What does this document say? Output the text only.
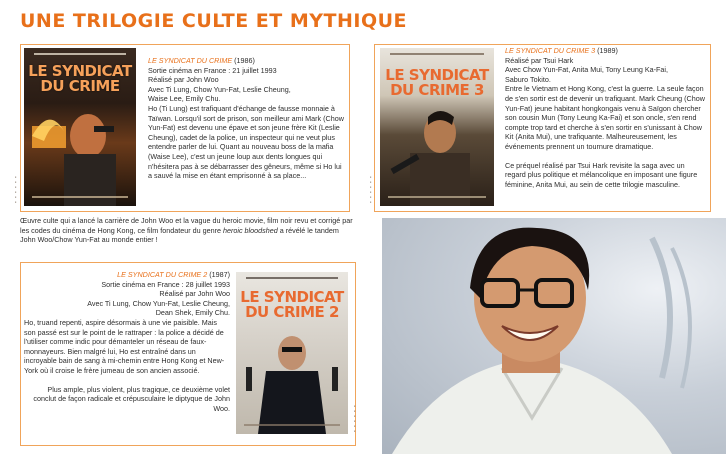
UNE TRILOGIE CULTE ET MYTHIQUE
LE SYNDICAT
DU CRIME
▪▪▪▪▪▪

LE SYNDICAT DU CRIME (1986)

Sortie cinéma en France : 21 juillet 1993

Réalisé par John Woo

Avec Ti Lung, Chow Yun-Fat, Leslie Cheung,

Waise Lee, Emily Chu.

Ho (Ti Lung) est trafiquant d'échange de fausse monnaie à Taïwan. Lorsqu'il sort de prison, son meilleur ami Mark (Chow Yun-Fat) est devenu une épave et son jeune frère Kit (Leslie Cheung), cadet de la police, un inspecteur qui ne veut plus entendre parler de lui. Quant au nouveau boss de la mafia (Waise Lee), c'est un jeune loup aux dents longues qui n'hésitera pas à se débarrasser des gêneurs, même si Ho lui a sauvé la mise en étant emprisonné à sa place...

Œuvre culte qui a lancé la carrière de John Woo et la vague du heroic movie, film noir revu et corrigé par les codes du cinéma de Hong Kong, ce film fondateur du genre heroic bloodshed a révélé le tandem John Woo/Chow Yun-Fat au monde entier !
LE SYNDICAT
DU CRIME 3
▪▪▪▪▪▪

LE SYNDICAT DU CRIME 3 (1989)

Réalisé par Tsui Hark

Avec Chow Yun-Fat, Anita Mui, Tony Leung Ka-Fai,

Saburo Tokito.

Entre le Vietnam et Hong Kong, c'est la guerre. La seule façon de s'en sortir est de devenir un trafiquant. Mark Cheung (Chow Yun-Fat) jeune habitant hongkongais venu à Saïgon chercher son cousin Mun (Tony Leung Ka-Fai) et son oncle, s'en rend compte trop tard et cherche à s'en sortir en s'unissant à Chow Kit (Anita Mui), une trafiquante. Malheureusement, les événements prennent un tournure dramatique.

Ce préquel réalisé par Tsui Hark revisite la saga avec un regard plus politique et mélancolique en imposant une figure féminine, Anita Mui, au sein de cette trilogie masculine.

LE SYNDICAT DU CRIME 2 (1987)

Sortie cinéma en France : 28 juillet 1993

Réalisé par John Woo

Avec Ti Lung, Chow Yun-Fat, Leslie Cheung,

Dean Shek, Emily Chu.

Ho, truand repenti, aspire désormais à une vie paisible. Mais son passé est sur le point de le rattraper : la police a décidé de l'utiliser comme indic pour démanteler un réseau de faux-monnayeurs. Bien malgré lui, Ho est entraîné dans un incroyable bain de sang à mi-chemin entre Hong Kong et New-York où il croise le frère jumeau de son ancien associé.

Plus ample, plus violent, plus tragique, ce deuxième volet conclut de façon radicale et crépusculaire le diptyque de John Woo.

LE SYNDICAT
DU CRIME 2
▪▪▪▪▪▪
